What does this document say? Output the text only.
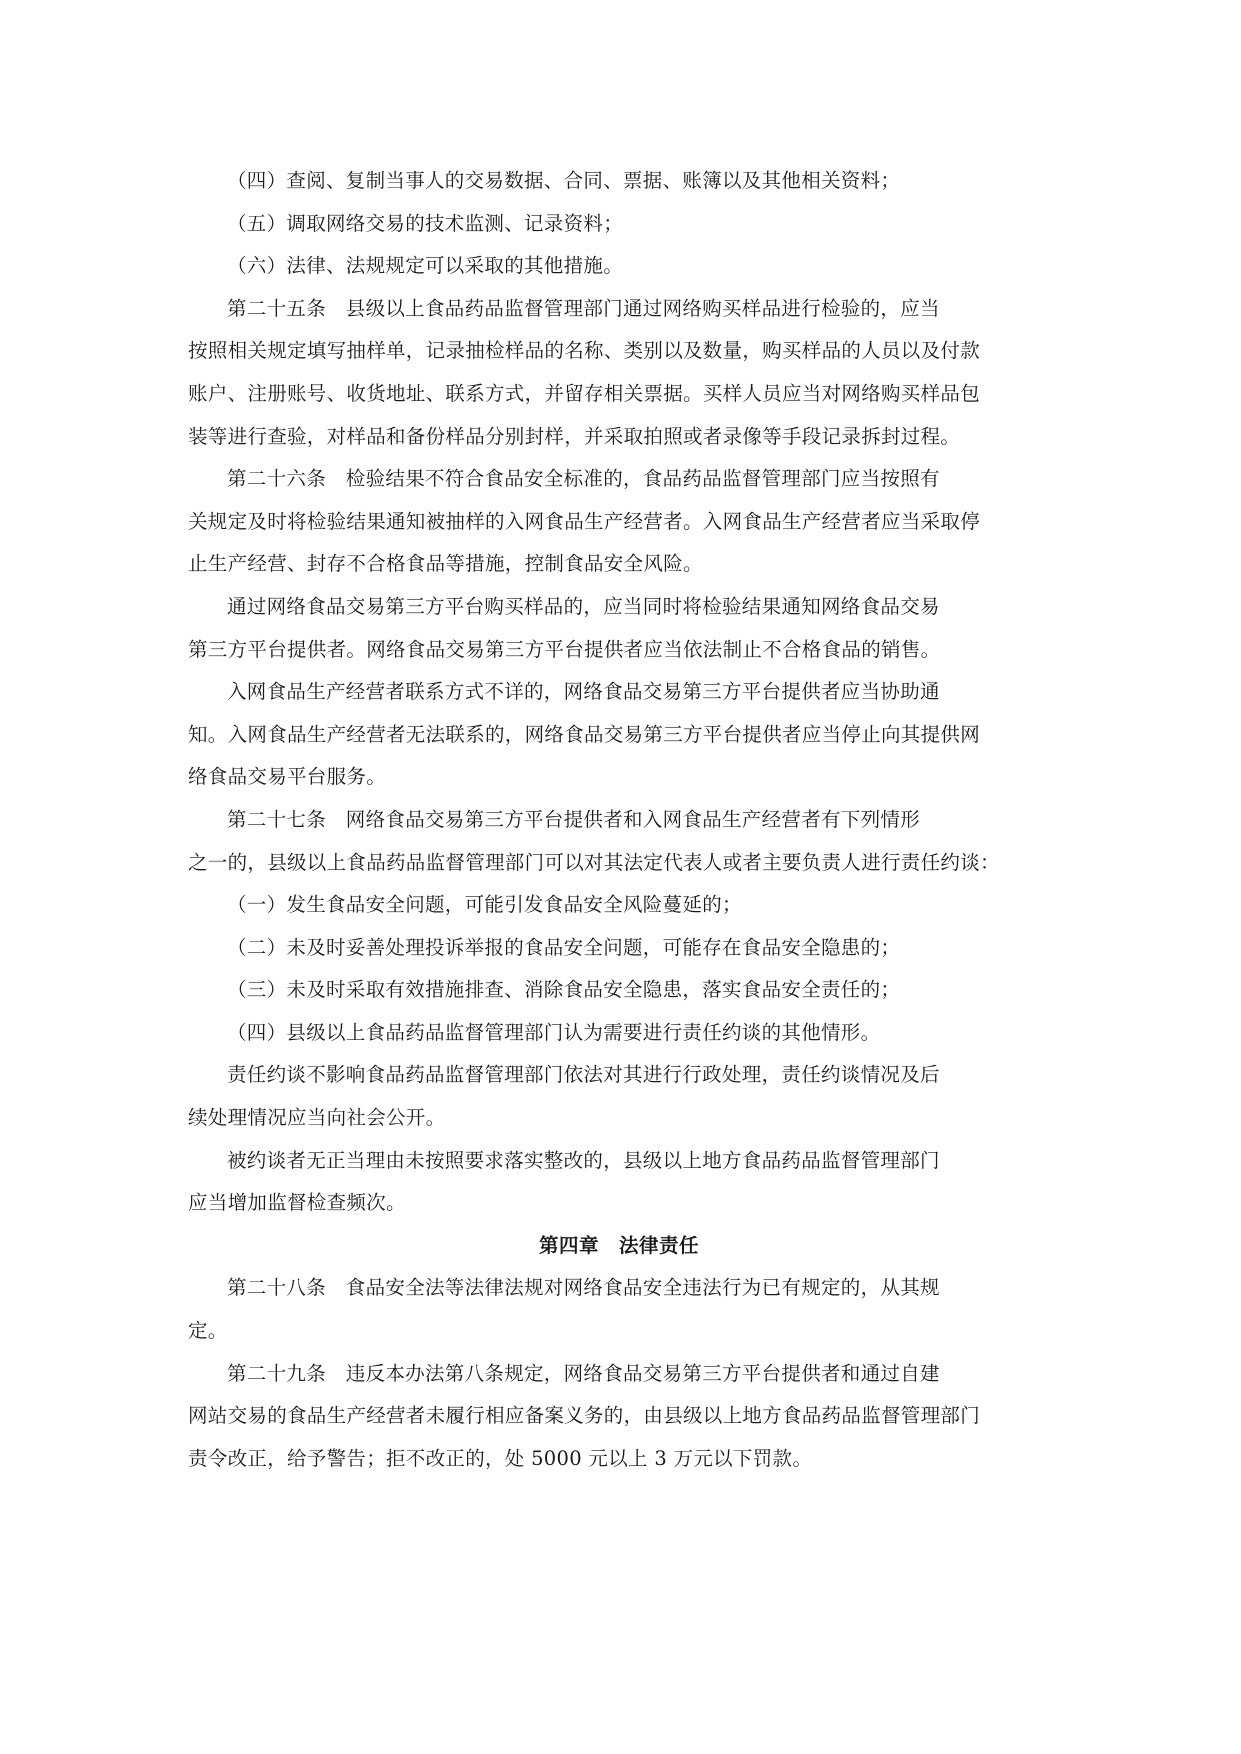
（四）查阅、复制当事人的交易数据、合同、票据、账簿以及其他相关资料；

（五）调取网络交易的技术监测、记录资料；

（六）法律、法规规定可以采取的其他措施。

第二十五条　县级以上食品药品监督管理部门通过网络购买样品进行检验的，应当
按照相关规定填写抽样单，记录抽检样品的名称、类别以及数量，购买样品的人员以及付款
账户、注册账号、收货地址、联系方式，并留存相关票据。买样人员应当对网络购买样品包
装等进行查验，对样品和备份样品分别封样，并采取拍照或者录像等手段记录拆封过程。

第二十六条　检验结果不符合食品安全标准的，食品药品监督管理部门应当按照有
关规定及时将检验结果通知被抽样的入网食品生产经营者。入网食品生产经营者应当采取停
止生产经营、封存不合格食品等措施，控制食品安全风险。

通过网络食品交易第三方平台购买样品的，应当同时将检验结果通知网络食品交易
第三方平台提供者。网络食品交易第三方平台提供者应当依法制止不合格食品的销售。

入网食品生产经营者联系方式不详的，网络食品交易第三方平台提供者应当协助通
知。入网食品生产经营者无法联系的，网络食品交易第三方平台提供者应当停止向其提供网
络食品交易平台服务。

第二十七条　网络食品交易第三方平台提供者和入网食品生产经营者有下列情形
之一的，县级以上食品药品监督管理部门可以对其法定代表人或者主要负责人进行责任约谈：

（一）发生食品安全问题，可能引发食品安全风险蔓延的；

（二）未及时妥善处理投诉举报的食品安全问题，可能存在食品安全隐患的；

（三）未及时采取有效措施排查、消除食品安全隐患，落实食品安全责任的；

（四）县级以上食品药品监督管理部门认为需要进行责任约谈的其他情形。

责任约谈不影响食品药品监督管理部门依法对其进行行政处理，责任约谈情况及后
续处理情况应当向社会公开。

被约谈者无正当理由未按照要求落实整改的，县级以上地方食品药品监督管理部门
应当增加监督检查频次。

第四章　法律责任

第二十八条　食品安全法等法律法规对网络食品安全违法行为已有规定的，从其规
定。

第二十九条　违反本办法第八条规定，网络食品交易第三方平台提供者和通过自建
网站交易的食品生产经营者未履行相应备案义务的，由县级以上地方食品药品监督管理部门
责令改正，给予警告；拒不改正的，处 5000 元以上 3 万元以下罚款。
